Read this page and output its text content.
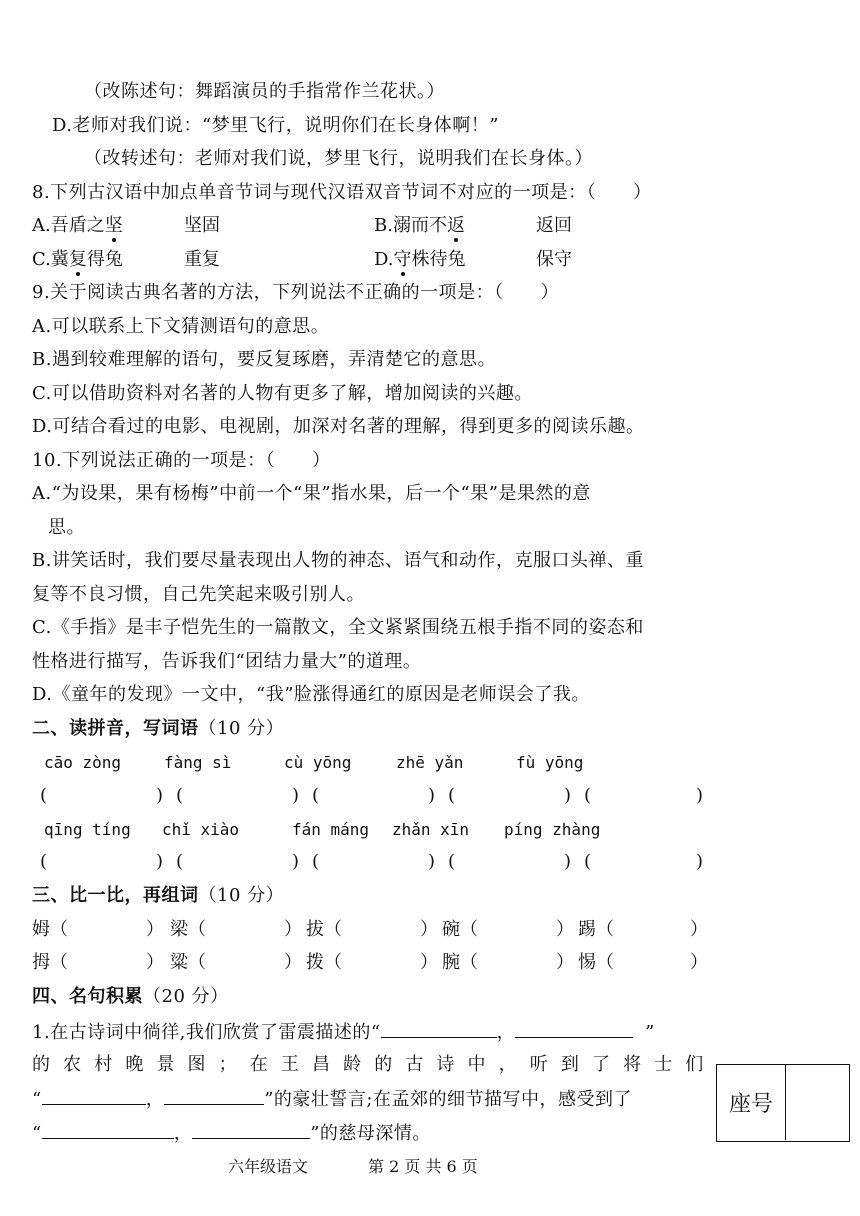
（改陈述句：舞蹈演员的手指常作兰花状。）
D.老师对我们说：“梦里飞行，说明你们在长身体啊！”
（改转述句：老师对我们说，梦里飞行，说明我们在长身体。）
8.下列古汉语中加点单音节词与现代汉语双音节词不对应的一项是：（　　）
A.吾盾之坚	坚固	B.溺而不返	返回
C.冀复得兔	重复	D.守株待兔	保守
9.关于阅读古典名著的方法，下列说法不正确的一项是：（　　）
A.可以联系上下文猜测语句的意思。
B.遇到较难理解的语句，要反复琢磨，弄清楚它的意思。
C.可以借助资料对名著的人物有更多了解，增加阅读的兴趣。
D.可结合看过的电影、电视剧，加深对名著的理解，得到更多的阅读乐趣。
10.下列说法正确的一项是：（　　）
A.“为设果，果有杨梅”中前一个“果”指水果，后一个“果”是果然的意
思。
B.讲笑话时，我们要尽量表现出人物的神态、语气和动作，克服口头禅、重
复等不良习惯，自己先笑起来吸引别人。
C.《手指》是丰子恺先生的一篇散文，全文紧紧围绕五根手指不同的姿态和
性格进行描写，告诉我们“团结力量大”的道理。
D.《童年的发现》一文中，“我”脸涨得通红的原因是老师误会了我。
二、读拼音，写词语（10 分）
cāo zòng	fàng sì	cù yōng	zhē yǎn	fù yōng
(	) (	) (	) (	) (	)
qīng tíng chǐ xiào	fán máng zhǎn xīn píng zhàng
(	) (	) (	) (	) (	)
三、比一比，再组词（10 分）
姆（	） 梁（	） 拔（	） 碗（	） 踢（	）
拇（	） 粱（	） 拨（	） 腕（	） 惕（	）
四、名句积累（20 分）
1.在古诗词中徜徉,我们欣赏了雷震描述的“	，	”
的 农 村 晚 景 图 ； 在 王 昌 龄 的 古 诗 中 ， 听 到 了 将 士 们
“	，	”的豪壮誓言;在孟郊的细节描写中，感受到了
“	，	”的慈母深情。
座号
六年级语文	第 2 页 共 6 页
